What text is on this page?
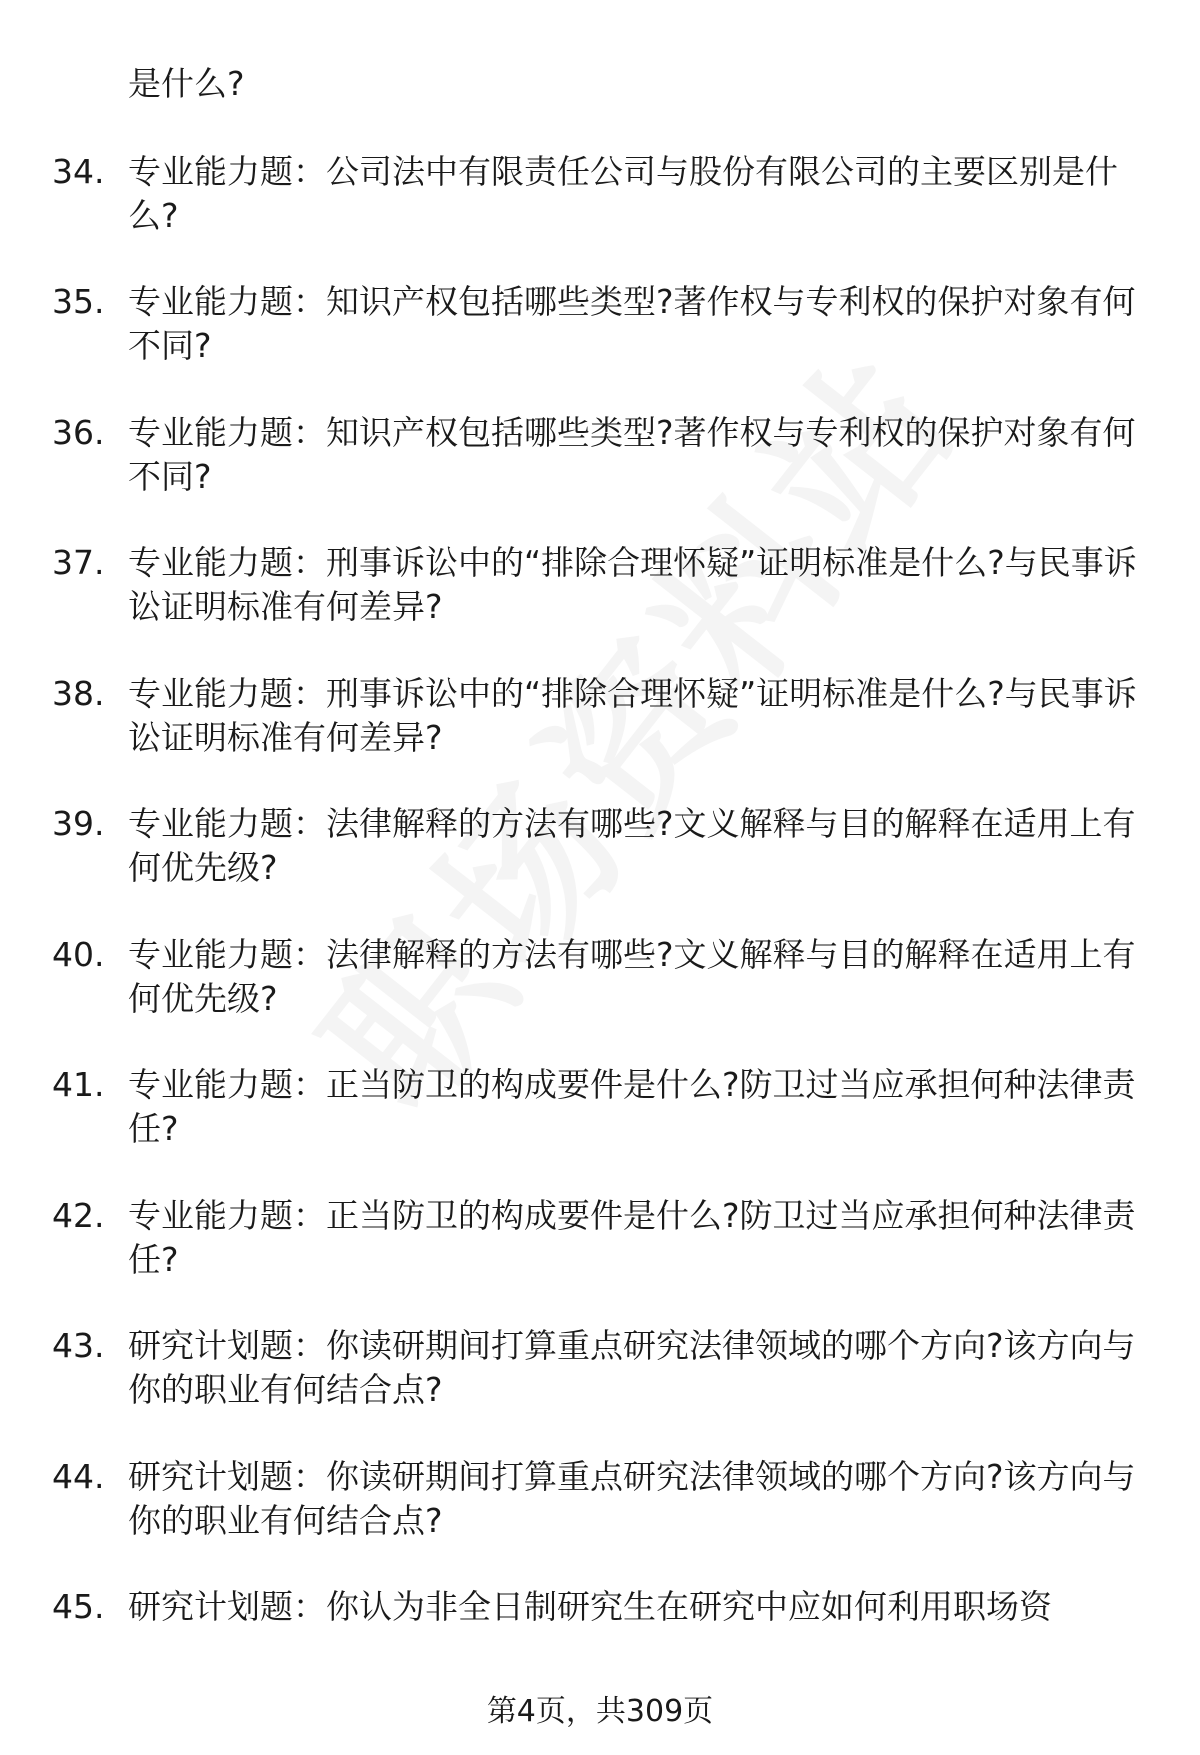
是什么?
34. 专业能力题：公司法中有限责任公司与股份有限公司的主要区别是什么?
35. 专业能力题：知识产权包括哪些类型?著作权与专利权的保护对象有何不同?
36. 专业能力题：知识产权包括哪些类型?著作权与专利权的保护对象有何不同?
37. 专业能力题：刑事诉讼中的“排除合理怀疑”证明标准是什么?与民事诉讼证明标准有何差异?
38. 专业能力题：刑事诉讼中的“排除合理怀疑”证明标准是什么?与民事诉讼证明标准有何差异?
39. 专业能力题：法律解释的方法有哪些?文义解释与目的解释在适用上有何优先级?
40. 专业能力题：法律解释的方法有哪些?文义解释与目的解释在适用上有何优先级?
41. 专业能力题：正当防卫的构成要件是什么?防卫过当应承担何种法律责任?
42. 专业能力题：正当防卫的构成要件是什么?防卫过当应承担何种法律责任?
43. 研究计划题：你读研期间打算重点研究法律领域的哪个方向?该方向与你的职业有何结合点?
44. 研究计划题：你读研期间打算重点研究法律领域的哪个方向?该方向与你的职业有何结合点?
45. 研究计划题：你认为非全日制研究生在研究中应如何利用职场资
第4页，共309页
